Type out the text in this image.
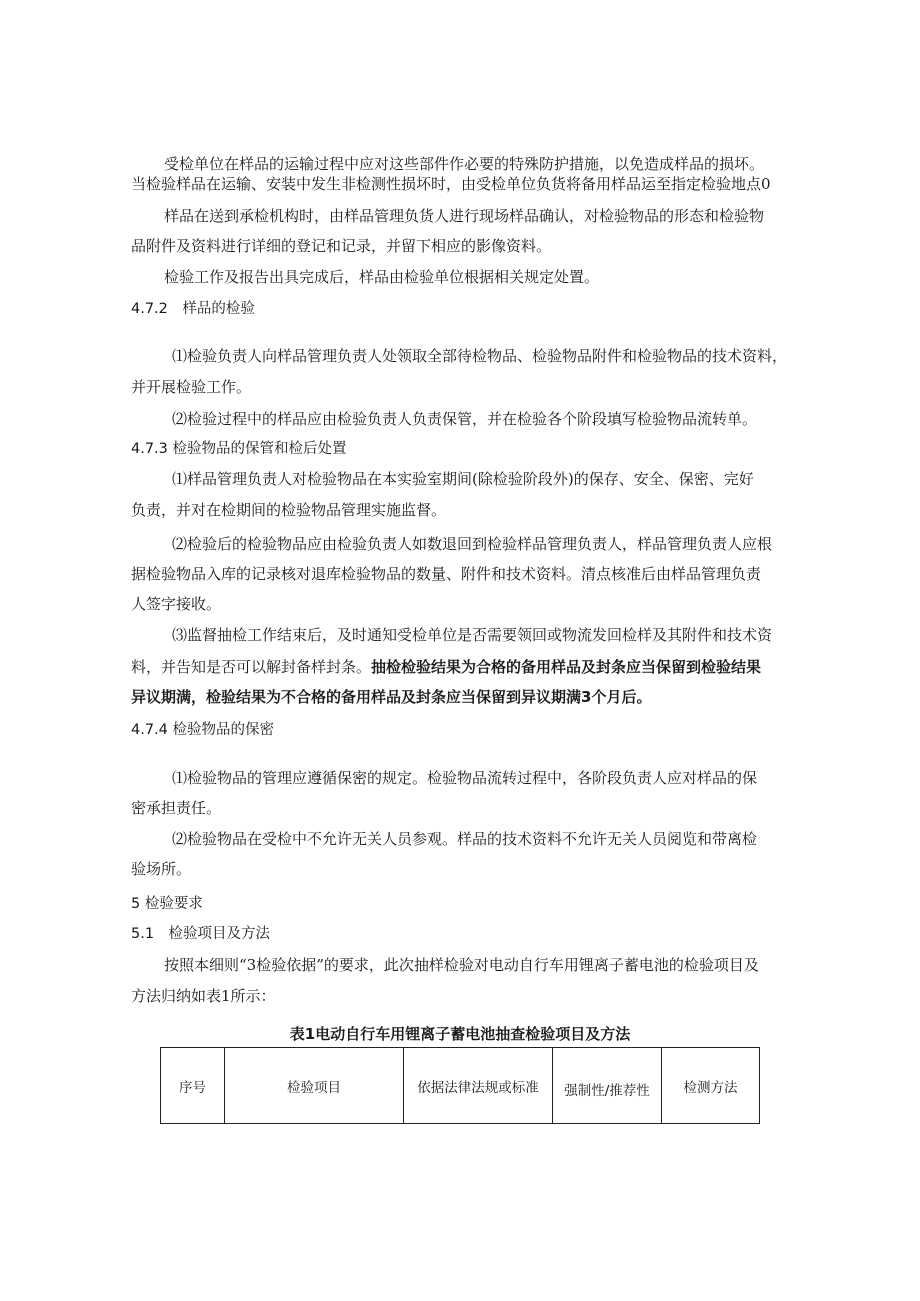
受检单位在样品的运输过程中应对这些部件作必要的特殊防护措施，以免造成样品的损坏。
当检验样品在运输、安装中发生非检测性损坏时，由受检单位负货将备用样品运至指定检验地点0
样品在送到承检机构时，由样品管理负货人进行现场样品确认，对检验物品的形态和检验物
品附件及资料进行详细的登记和记录，并留下相应的影像资料。
检验工作及报告出具完成后，样品由检验单位根据相关规定处置。
4.7.2　样品的检验
⑴检验负责人向样品管理负责人处领取全部待检物品、检验物品附件和检验物品的技术资料，
并开展检验工作。
⑵检验过程中的样品应由检验负责人负责保管，并在检验各个阶段填写检验物品流转单。
4.7.3 检验物品的保管和检后处置
⑴样品管理负责人对检验物品在本实验室期间(除检验阶段外)的保存、安全、保密、完好
负责，并对在检期间的检验物品管理实施监督。
⑵检验后的检验物品应由检验负责人如数退回到检验样品管理负责人，样品管理负责人应根
据检验物品入库的记录核对退库检验物品的数量、附件和技术资料。清点核准后由样品管理负责
人签字接收。
⑶监督抽检工作结束后，及时通知受检单位是否需要领回或物流发回检样及其附件和技术资
料，并告知是否可以解封备样封条。抽检检验结果为合格的备用样品及封条应当保留到检验结果
异议期满，检验结果为不合格的备用样品及封条应当保留到异议期满3个月后。
4.7.4 检验物品的保密
⑴检验物品的管理应遵循保密的规定。检验物品流转过程中，各阶段负责人应对样品的保
密承担责任。
⑵检验物品在受检中不允许无关人员参观。样品的技术资料不允许无关人员阅览和带离检
验场所。
5 检验要求
5.1　检验项目及方法
按照本细则“3检验依据”的要求，此次抽样检验对电动自行车用锂离子蓄电池的检验项目及
方法归纳如表1所示：
表1电动自行车用锂离子蓄电池抽查检验项目及方法
序号	检验项目	依据法律法规或标准	强制性/推荐性	检测方法
